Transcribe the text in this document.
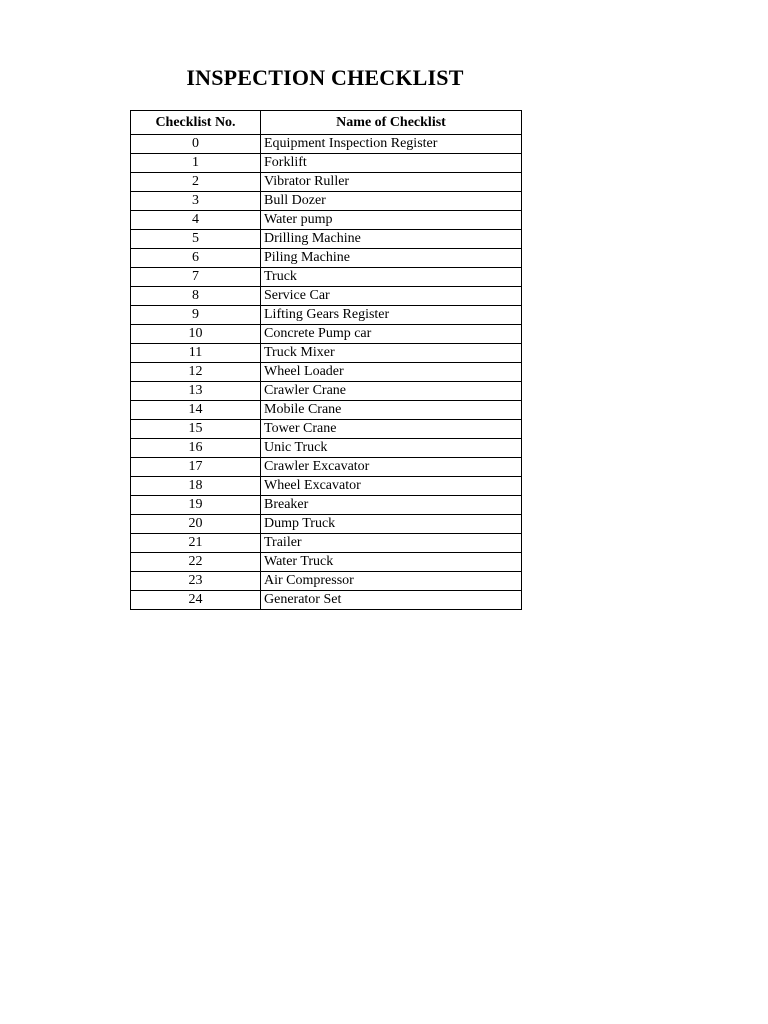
INSPECTION CHECKLIST
Checklist No.	Name of Checklist
0	Equipment Inspection Register
1	Forklift
2	Vibrator Ruller
3	Bull Dozer
4	Water pump
5	Drilling Machine
6	Piling Machine
7	Truck
8	Service Car
9	Lifting Gears Register
10	Concrete Pump car
11	Truck Mixer
12	Wheel Loader
13	Crawler Crane
14	Mobile Crane
15	Tower Crane
16	Unic Truck
17	Crawler Excavator
18	Wheel Excavator
19	Breaker
20	Dump Truck
21	Trailer
22	Water Truck
23	Air Compressor
24	Generator Set
